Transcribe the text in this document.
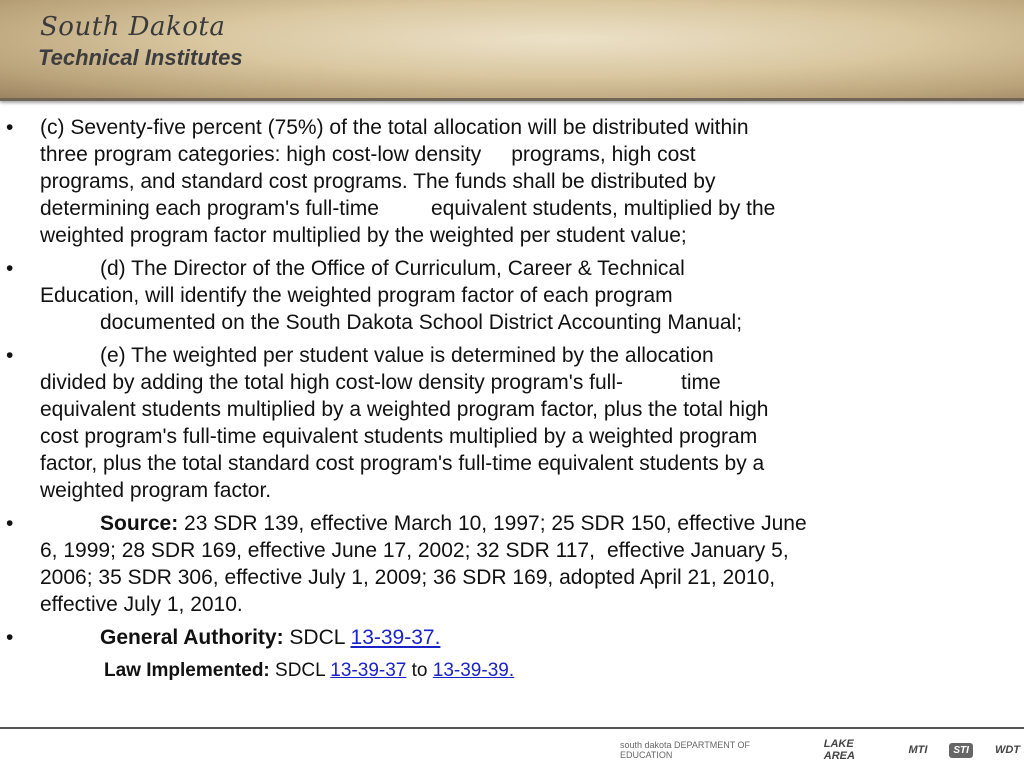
South Dakota
Technical Institutes
• (c) Seventy-five percent (75%) of the total allocation will be distributed within
three program categories: high cost-low density programs, high cost
programs, and standard cost programs. The funds shall be distributed by
determining each program's full-time equivalent students, multiplied by the
weighted program factor multiplied by the weighted per student value;

•	(d) The Director of the Office of Curriculum, Career & Technical
Education, will identify the weighted program factor of each program
documented on the South Dakota School District Accounting Manual;

•	(e) The weighted per student value is determined by the allocation
divided by adding the total high cost-low density program's full-	time
equivalent students multiplied by a weighted program factor, plus the total high
cost program's full-time equivalent students multiplied by a weighted program
factor, plus the total standard cost program's full-time equivalent students by a
weighted program factor.

•	Source: 23 SDR 139, effective March 10, 1997; 25 SDR 150, effective June
6, 1999; 28 SDR 169, effective June 17, 2002; 32 SDR 117, effective January 5,
2006; 35 SDR 306, effective July 1, 2009; 36 SDR 169, adopted April 21, 2010,
effective July 1, 2010.

•	General Authority: SDCL 13-39-37.

Law Implemented: SDCL 13-39-37 to 13-39-39.
south dakota DEPARTMENT OF EDUCATION
LAKE AREA	MTI	STI	WDT
